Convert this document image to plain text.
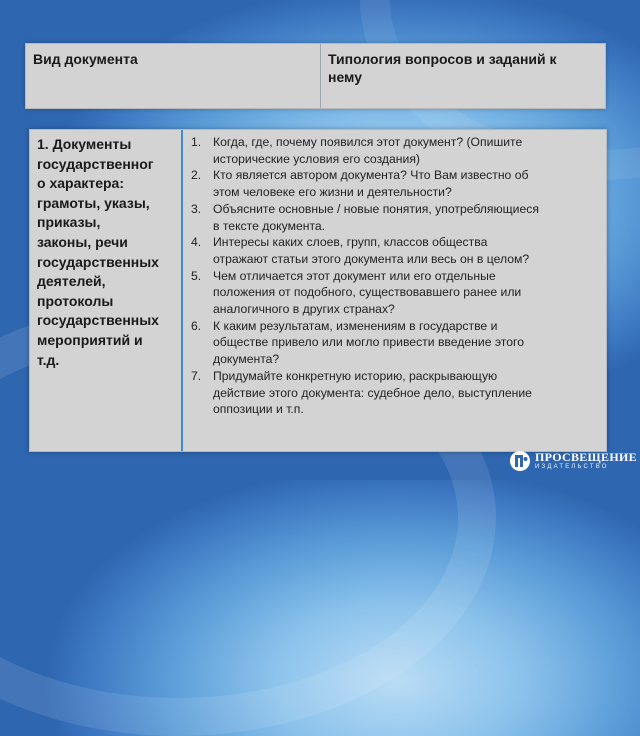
Вид документа	Типология вопросов и заданий к
нему
1. Документы
государственног
о характера:
грамоты, указы,
приказы,
законы, речи
государственных
деятелей,
протоколы
государственных
мероприятий и
т.д.
1. Когда, где, почему появился этот документ? (Опишите
исторические условия его создания)
2. Кто является автором документа? Что Вам известно об
этом человеке его жизни и деятельности?
3. Объясните основные / новые понятия, употребляющиеся
в тексте документа.
4. Интересы каких слоев, групп, классов общества
отражают статьи этого документа или весь он в целом?
5. Чем отличается этот документ или его отдельные
положения от подобного, существовавшего ранее или
аналогичного в других странах?
6. К каким результатам, изменениям в государстве и
обществе привело или могло привести введение этого
документа?
7. Придумайте конкретную историю, раскрывающую
действие этого документа: судебное дело, выступление
оппозиции и т.п.
ПРОСВЕЩЕНИЕ
ИЗДАТЕЛЬСТВО
